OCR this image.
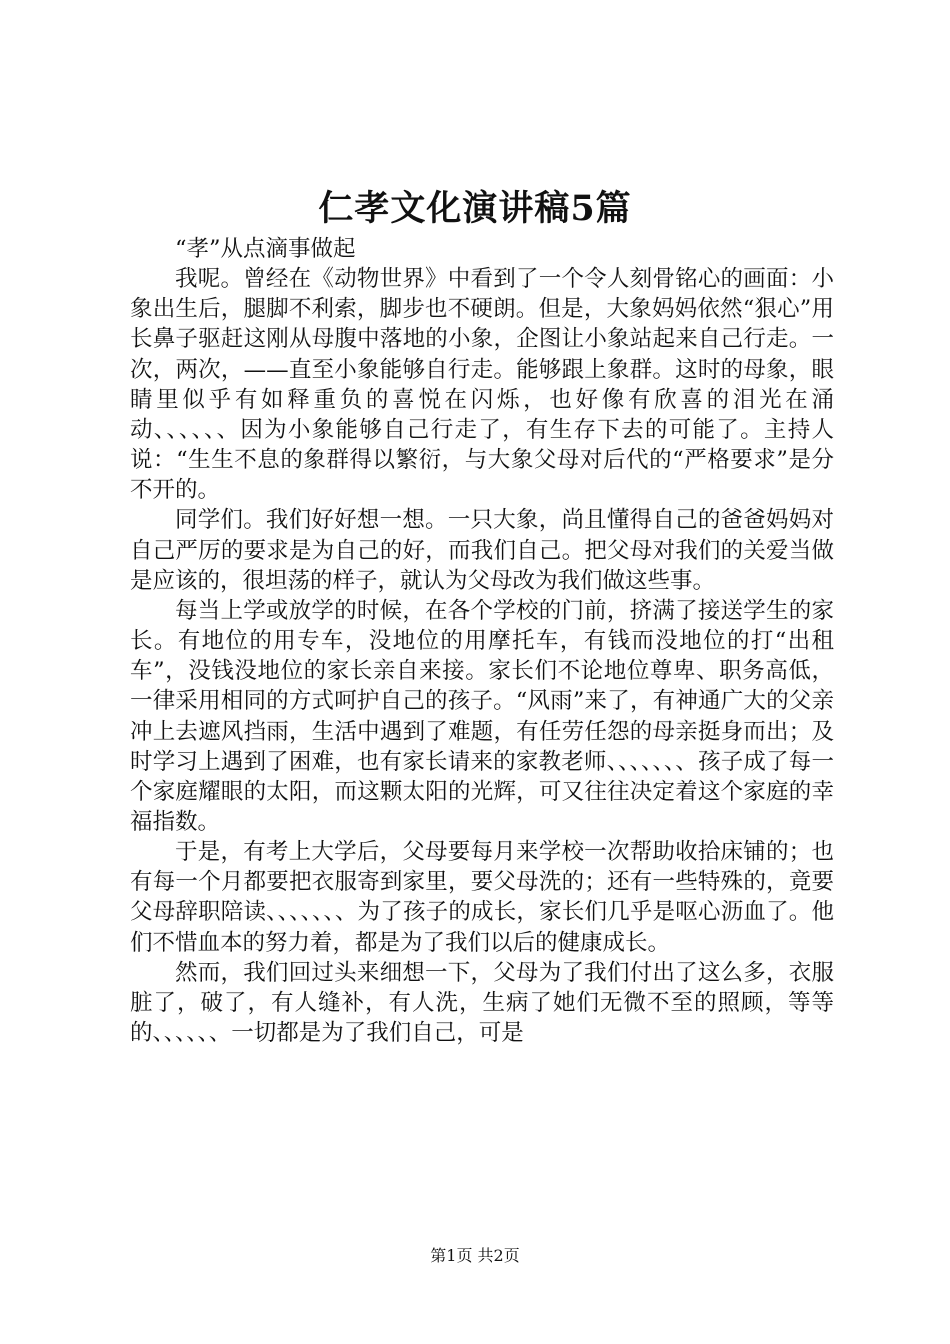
仁孝文化演讲稿5篇

“孝”从点滴事做起

我呢。曾经在《动物世界》中看到了一个令人刻骨铭心的画面：小象出生后，腿脚不利索，脚步也不硬朗。但是，大象妈妈依然“狠心”用长鼻子驱赶这刚从母腹中落地的小象，企图让小象站起来自己行走。一次，两次，——直至小象能够自行走。能够跟上象群。这时的母象，眼睛里似乎有如释重负的喜悦在闪烁，也好像有欣喜的泪光在涌动、、、、、、因为小象能够自己行走了，有生存下去的可能了。主持人说：“生生不息的象群得以繁衍，与大象父母对后代的“严格要求”是分不开的。

同学们。我们好好想一想。一只大象，尚且懂得自己的爸爸妈妈对自己严厉的要求是为自己的好，而我们自己。把父母对我们的关爱当做是应该的，很坦荡的样子，就认为父母改为我们做这些事。

每当上学或放学的时候，在各个学校的门前，挤满了接送学生的家长。有地位的用专车，没地位的用摩托车，有钱而没地位的打“出租车”，没钱没地位的家长亲自来接。家长们不论地位尊卑、职务高低，一律采用相同的方式呵护自己的孩子。“风雨”来了，有神通广大的父亲冲上去遮风挡雨，生活中遇到了难题，有任劳任怨的母亲挺身而出；及时学习上遇到了困难，也有家长请来的家教老师、、、、、、、孩子成了每一个家庭耀眼的太阳，而这颗太阳的光辉，可又往往决定着这个家庭的幸福指数。

于是，有考上大学后，父母要每月来学校一次帮助收拾床铺的；也有每一个月都要把衣服寄到家里，要父母洗的；还有一些特殊的，竟要父母辞职陪读、、、、、、、为了孩子的成长，家长们几乎是呕心沥血了。他们不惜血本的努力着，都是为了我们以后的健康成长。

然而，我们回过头来细想一下，父母为了我们付出了这么多，衣服脏了，破了，有人缝补，有人洗，生病了她们无微不至的照顾，等等的、、、、、、一切都是为了我们自己，可是

第1页 共2页
